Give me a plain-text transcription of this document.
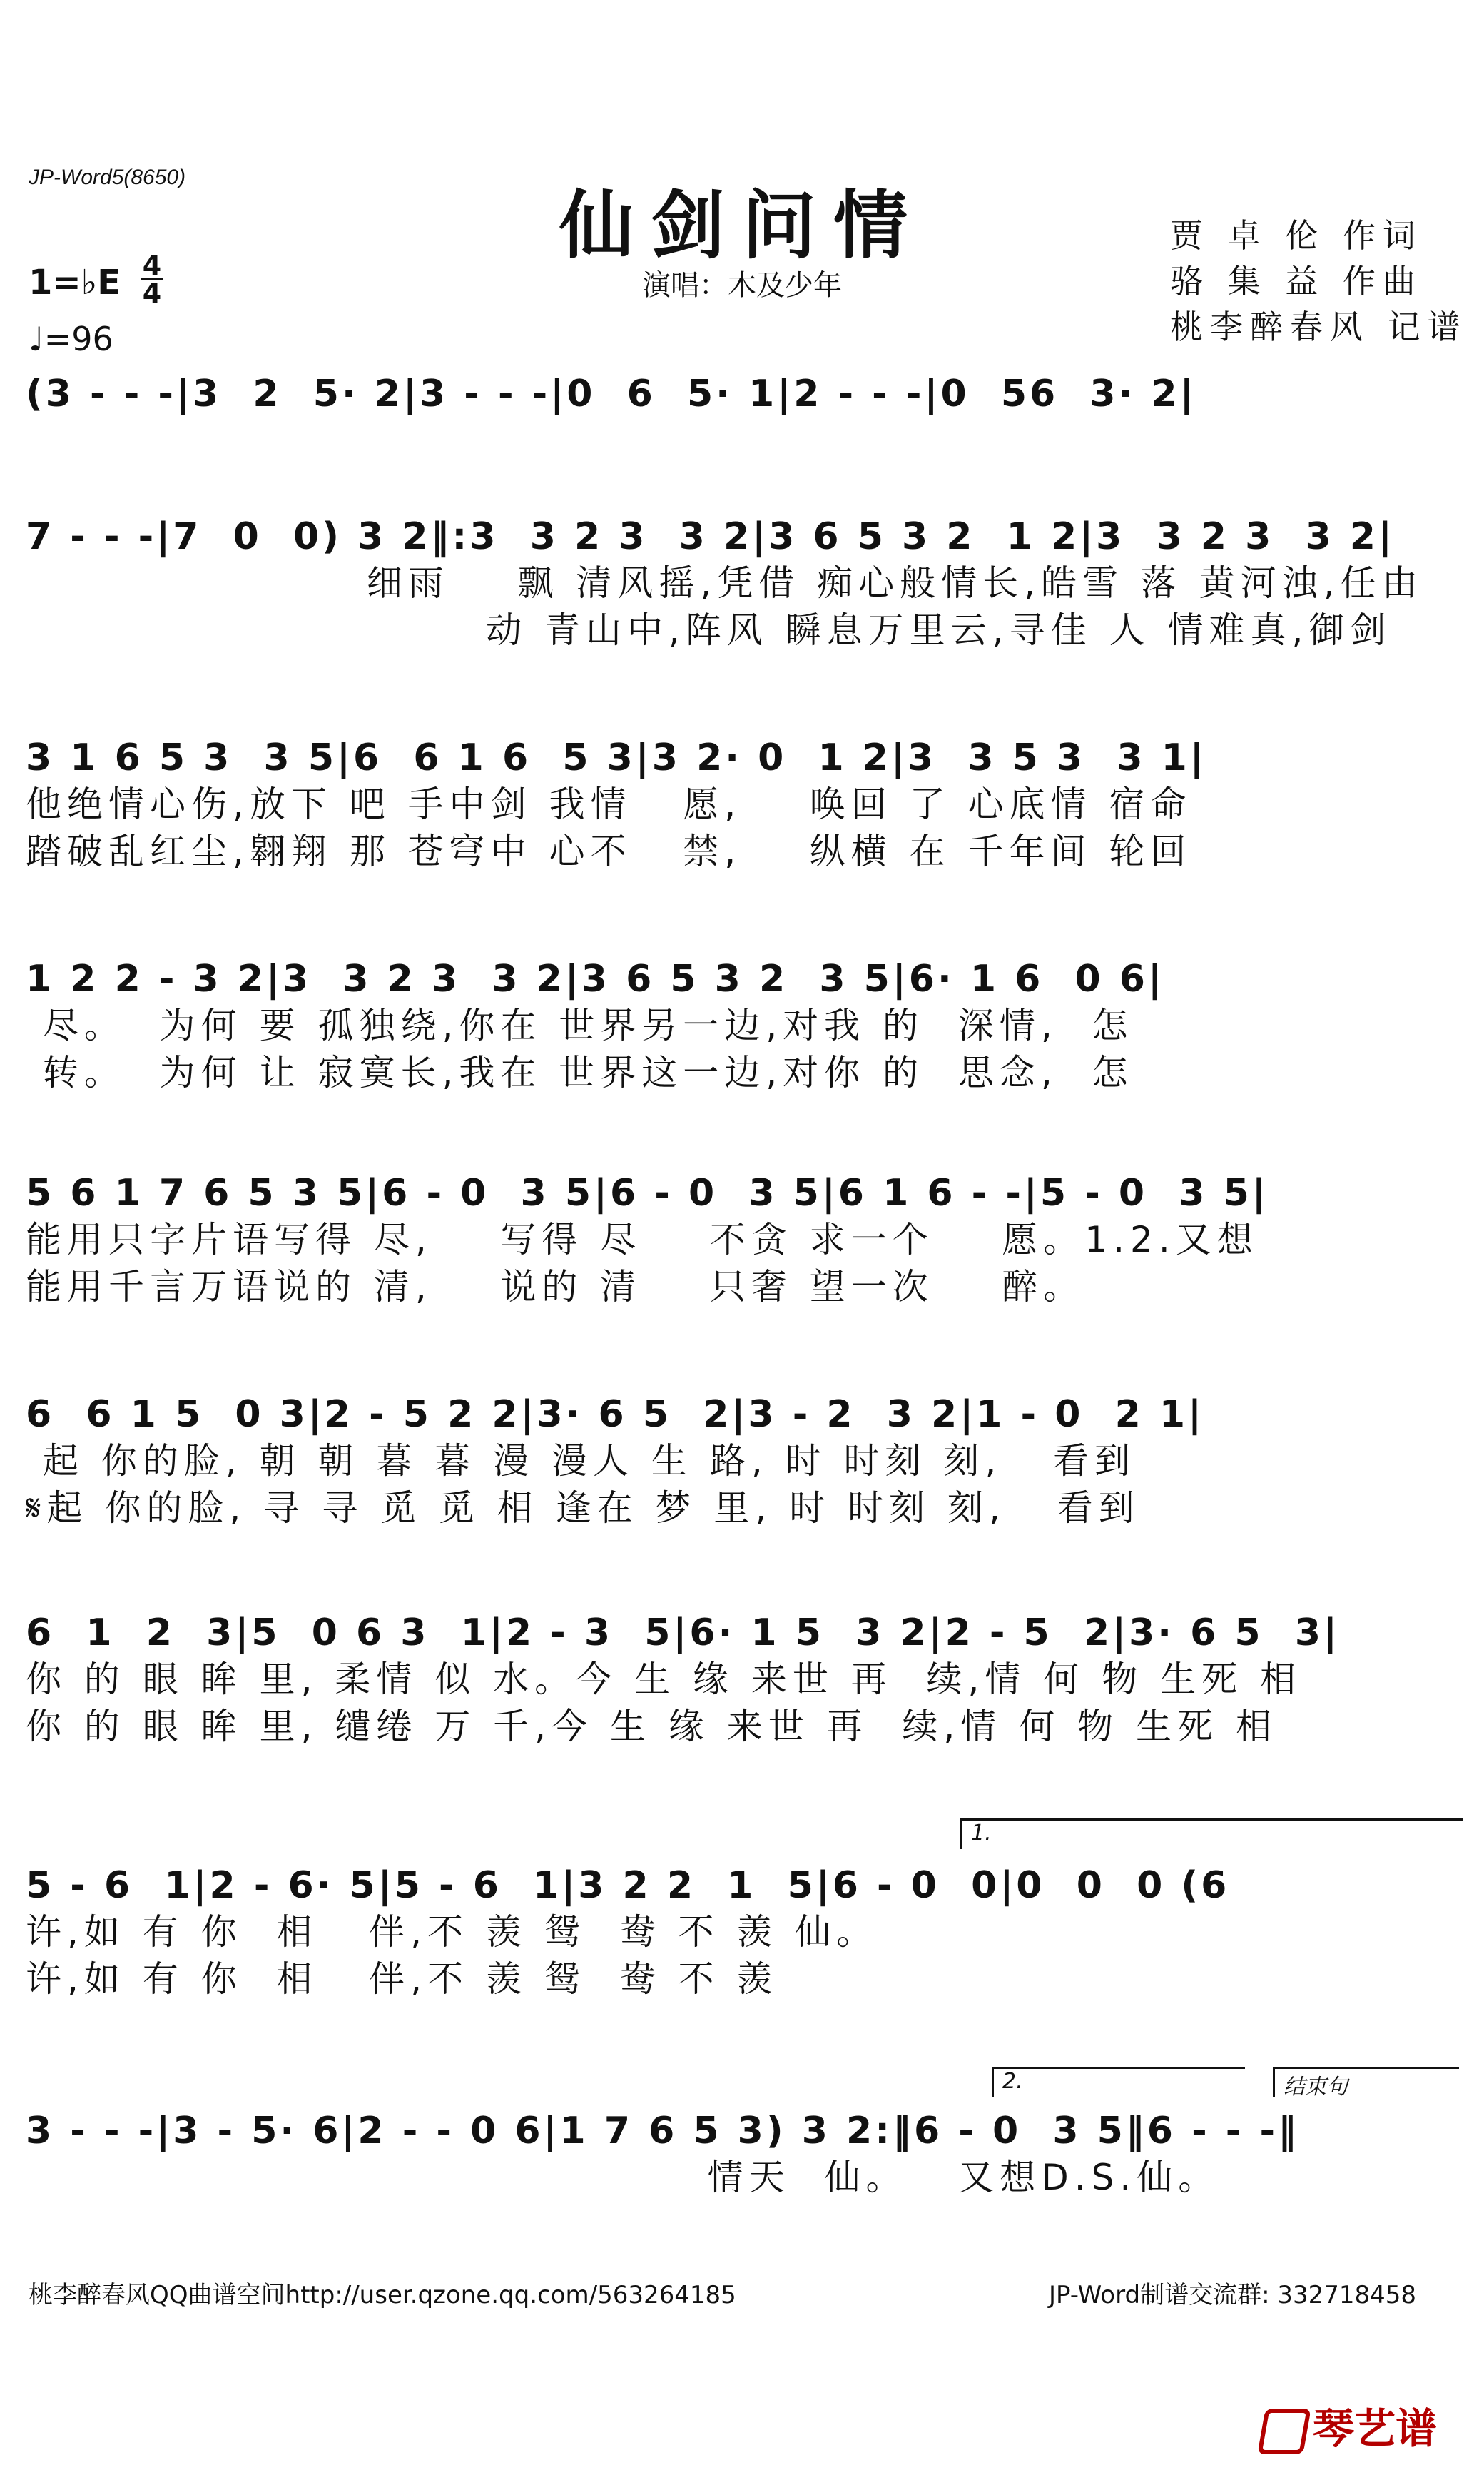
JP-Word5(8650)
仙剑问情
演唱：木及少年
贾 卓 伦 作词
骆 集 益 作曲
桃李醉春风 记谱
1=♭E 4
4
♩=96
(3 - - -|3  2  5· 2|3 - - -|0  6  5· 1|2 - - -|0  56  3· 2|
7 - - -|7  0  0) 3 2‖:3  3 2 3  3 2|3 6 5 3 2  1 2|3  3 2 3  3 2|
细雨    飘 清风摇,凭借 痴心般情长,皓雪 落 黄河浊,任由
动 青山中,阵风 瞬息万里云,寻佳 人 情难真,御剑
3 1 6 5 3  3 5|6  6 1 6  5 3|3 2· 0  1 2|3  3 5 3  3 1|
他绝情心伤,放下 吧 手中剑 我情   愿,    唤回 了 心底情 宿命
踏破乱红尘,翱翔 那 苍穹中 心不   禁,    纵横 在 千年间 轮回
1 2 2 - 3 2|3  3 2 3  3 2|3 6 5 3 2  3 5|6· 1 6  0 6|
尽。  为何 要 孤独绕,你在 世界另一边,对我 的  深情,  怎
转。  为何 让 寂寞长,我在 世界这一边,对你 的  思念,  怎
5 6 1 7 6 5 3 5|6 - 0  3 5|6 - 0  3 5|6 1 6 - -|5 - 0  3 5|
能用只字片语写得 尽,    写得 尽    不贪 求一个    愿。1.2.又想
能用千言万语说的 清,    说的 清    只奢 望一次    醉。
6  6 1 5  0 3|2 - 5 2 2|3· 6 5  2|3 - 2  3 2|1 - 0  2 1|
起 你的脸, 朝 朝 暮 暮 漫 漫人 生 路, 时 时刻 刻,   看到
𝄋起 你的脸, 寻 寻 觅 觅 相 逢在 梦 里, 时 时刻 刻,   看到
6  1  2  3|5  0 6 3  1|2 - 3  5|6· 1 5  3 2|2 - 5  2|3· 6 5  3|
你 的 眼 眸 里, 柔情 似 水。今 生 缘 来世 再  续,情 何 物 生死 相
你 的 眼 眸 里, 缱绻 万 千,今 生 缘 来世 再  续,情 何 物 生死 相
1.
5 - 6  1|2 - 6· 5|5 - 6  1|3 2 2  1  5|6 - 0  0|0  0  0 (6
许,如 有 你  相   伴,不 羡 鸳  鸯 不 羡 仙。
许,如 有 你  相   伴,不 羡 鸳  鸯 不 羡
2.	结束句
3 - - -|3 - 5· 6|2 - - 0 6|1 7 6 5 3) 3 2:‖6 - 0  3 5‖6 - - -‖
情天  仙。   又想D.S.仙。
桃李醉春风QQ曲谱空间http://user.qzone.qq.com/563264185	JP-Word制谱交流群: 332718458
琴艺谱
